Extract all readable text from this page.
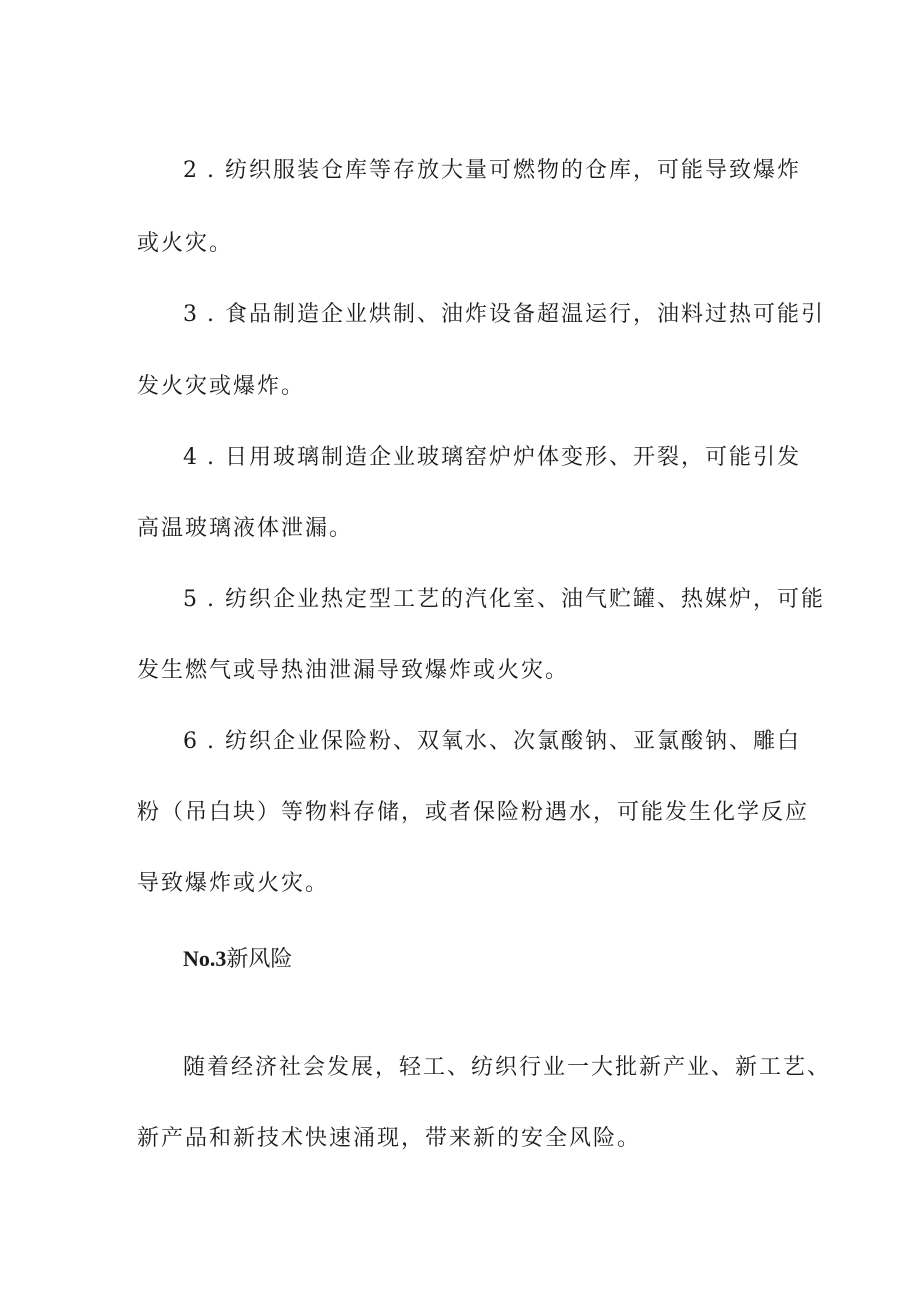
2 . 纺织服装仓库等存放大量可燃物的仓库，可能导致爆炸
或火灾。
3 . 食品制造企业烘制、油炸设备超温运行，油料过热可能引
发火灾或爆炸。
4 . 日用玻璃制造企业玻璃窑炉炉体变形、开裂，可能引发
高温玻璃液体泄漏。
5 . 纺织企业热定型工艺的汽化室、油气贮罐、热媒炉，可能
发生燃气或导热油泄漏导致爆炸或火灾。
6 . 纺织企业保险粉、双氧水、次氯酸钠、亚氯酸钠、雕白
粉（吊白块）等物料存储，或者保险粉遇水，可能发生化学反应
导致爆炸或火灾。
No.3新风险
随着经济社会发展，轻工、纺织行业一大批新产业、新工艺、
新产品和新技术快速涌现，带来新的安全风险。
